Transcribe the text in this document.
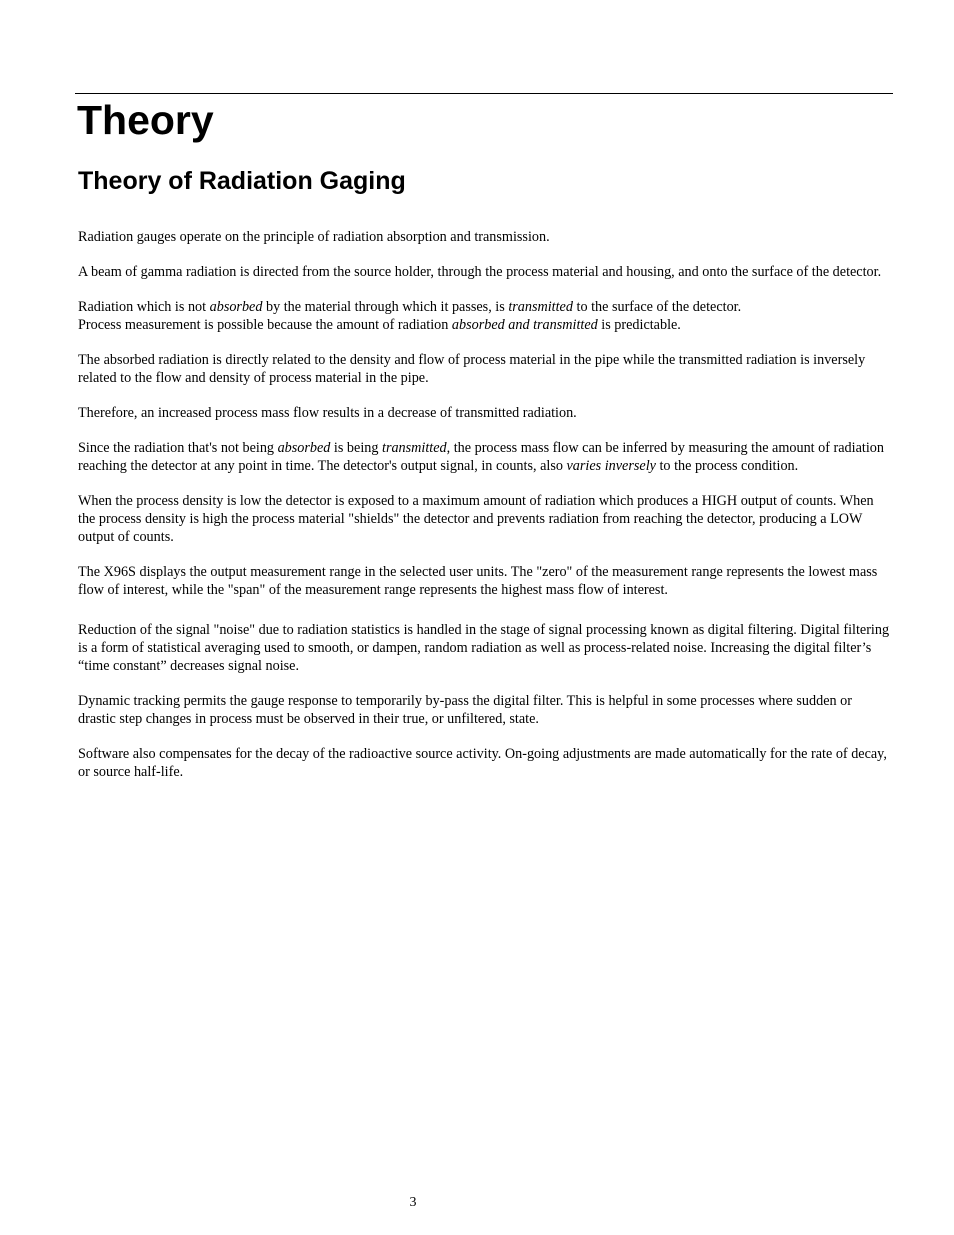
Theory
Theory of Radiation Gaging

Radiation gauges operate on the principle of radiation absorption and transmission.

A beam of gamma radiation is directed from the source holder, through the process material and housing, and onto the surface of the detector.

Radiation which is not absorbed by the material through which it passes, is transmitted to the surface of the detector.
Process measurement is possible because the amount of radiation absorbed and transmitted is predictable.

The absorbed radiation is directly related to the density and flow of process material in the pipe while the transmitted radiation is inversely related to the flow and density of process material in the pipe.

Therefore, an increased process mass flow results in a decrease of transmitted radiation.

Since the radiation that's not being absorbed is being transmitted, the process mass flow can be inferred by measuring the amount of radiation reaching the detector at any point in time. The detector's output signal, in counts, also varies inversely to the process condition.

When the process density is low the detector is exposed to a maximum amount of radiation which produces a HIGH output of counts. When the process density is high the process material "shields" the detector and prevents radiation from reaching the detector, producing a LOW output of counts.

The X96S displays the output measurement range in the selected user units. The "zero" of the measurement range represents the lowest mass flow of interest, while the "span" of the measurement range represents the highest mass flow of interest.

Reduction of the signal "noise" due to radiation statistics is handled in the stage of signal processing known as digital filtering. Digital filtering is a form of statistical averaging used to smooth, or dampen, random radiation as well as process-related noise. Increasing the digital filter’s “time constant” decreases signal noise.

Dynamic tracking permits the gauge response to temporarily by-pass the digital filter. This is helpful in some processes where sudden or drastic step changes in process must be observed in their true, or unfiltered, state.

Software also compensates for the decay of the radioactive source activity. On-going adjustments are made automatically for the rate of decay, or source half-life.

3
